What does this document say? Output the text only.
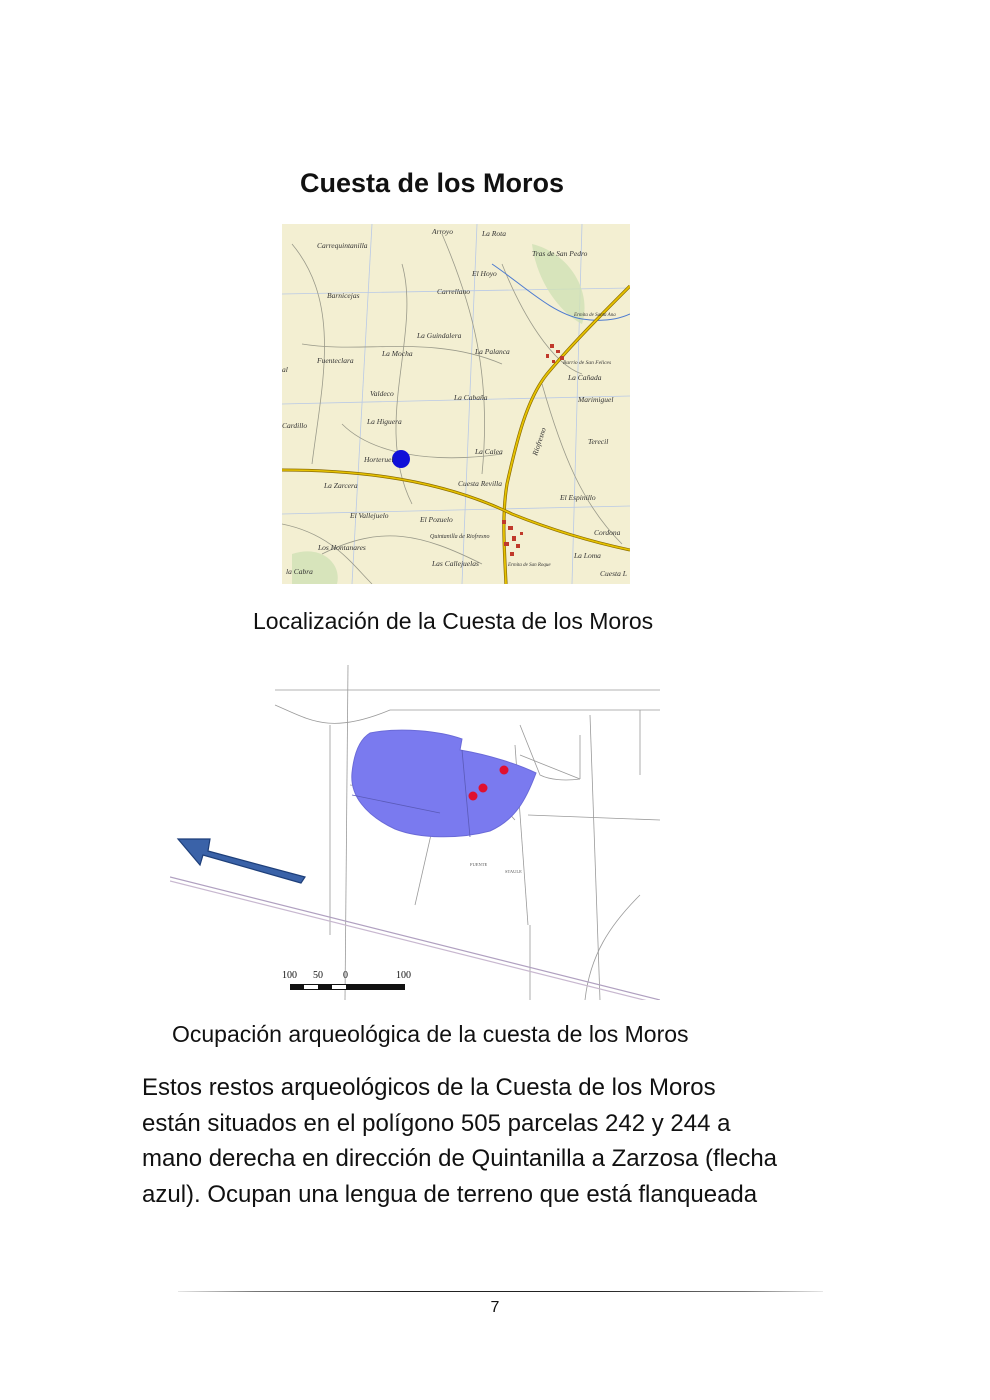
Cuesta de los Moros
Arroyo	La Rota
Carrequintanilla
Tras de San Pedro
El Hoyo
Barnicejas	Carrellano
Ermita de Santa Ana
La Guindalera
Fuenteclara
La Mocha	La Palanca
Barrio de San Felices
al
La Cañada
Valdeco	La Cabaña	Marimiguel
Cardillo	La Higuera
Riofresno	Terecil
Horteruel
La Calea
La Zarcera	Cuesta Revilla
El Espinillo
El Vallejuelo	El Pozuelo
Quintanilla de Riofresno	Cordona
Los Hontanares
La Loma
la Cabra
Las Callejuelas	Ermita de San Roque
Cuesta L
Localización de la Cuesta de los Moros
FUENTE
STAULE
100 50 0	100
Ocupación arqueológica de la cuesta de los Moros
Estos restos arqueológicos de la Cuesta de los Moros
están situados en el polígono 505 parcelas 242 y 244 a
mano derecha en dirección de Quintanilla a Zarzosa (flecha
azul). Ocupan una lengua de terreno que está flanqueada
7
